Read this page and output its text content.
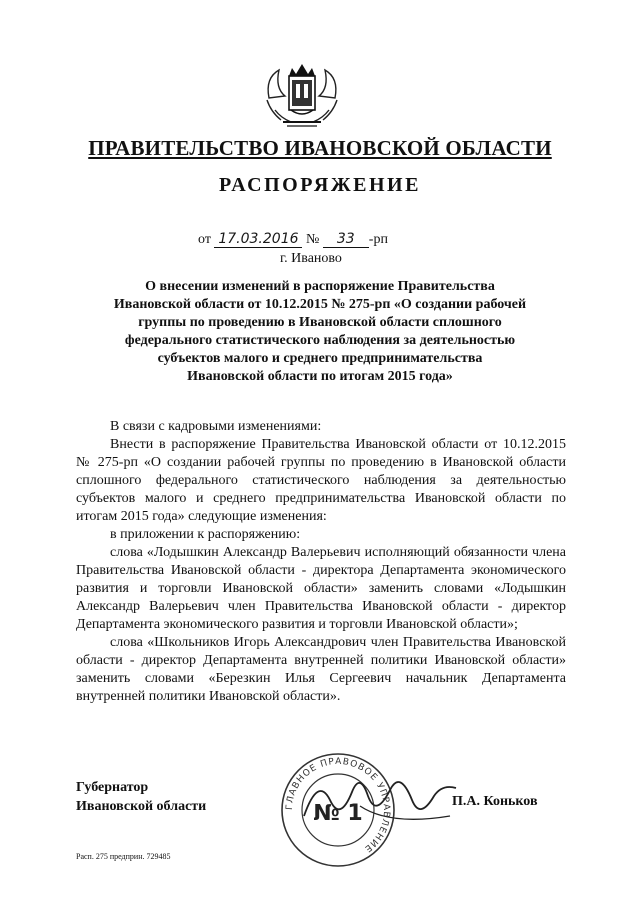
ПРАВИТЕЛЬСТВО ИВАНОВСКОЙ ОБЛАСТИ
РАСПОРЯЖЕНИЕ
от 17.03.2016 № 33 -рп
г. Иваново
О внесении изменений в распоряжение Правительства
Ивановской области от 10.12.2015 № 275-рп «О создании рабочей
группы по проведению в Ивановской области сплошного
федерального статистического наблюдения за деятельностью
субъектов малого и среднего предпринимательства
Ивановской области по итогам 2015 года»

В связи с кадровыми изменениями:

Внести в распоряжение Правительства Ивановской области от 10.12.2015 № 275-рп «О создании рабочей группы по проведению в Ивановской области сплошного федерального статистического наблюдения за деятельностью субъектов малого и среднего предпринимательства Ивановской области по итогам 2015 года» следующие изменения:

в приложении к распоряжению:

слова «Лодышкин Александр Валерьевич исполняющий обязанности члена Правительства Ивановской области - директора Департамента экономического развития и торговли Ивановской области» заменить словами «Лодышкин Александр Валерьевич член Правительства Ивановской области - директор Департамента экономического развития и торговли Ивановской области»;

слова «Школьников Игорь Александрович член Правительства Ивановской области - директор Департамента внутренней политики Ивановской области» заменить словами «Березкин Илья Сергеевич начальник Департамента внутренней политики Ивановской области».

Губернатор
Ивановской области	ГЛАВНОЕ ПРАВОВОЕ УПРАВЛЕНИЕ
№ 1	П.А. Коньков
Расп. 275 предприн. 729485
